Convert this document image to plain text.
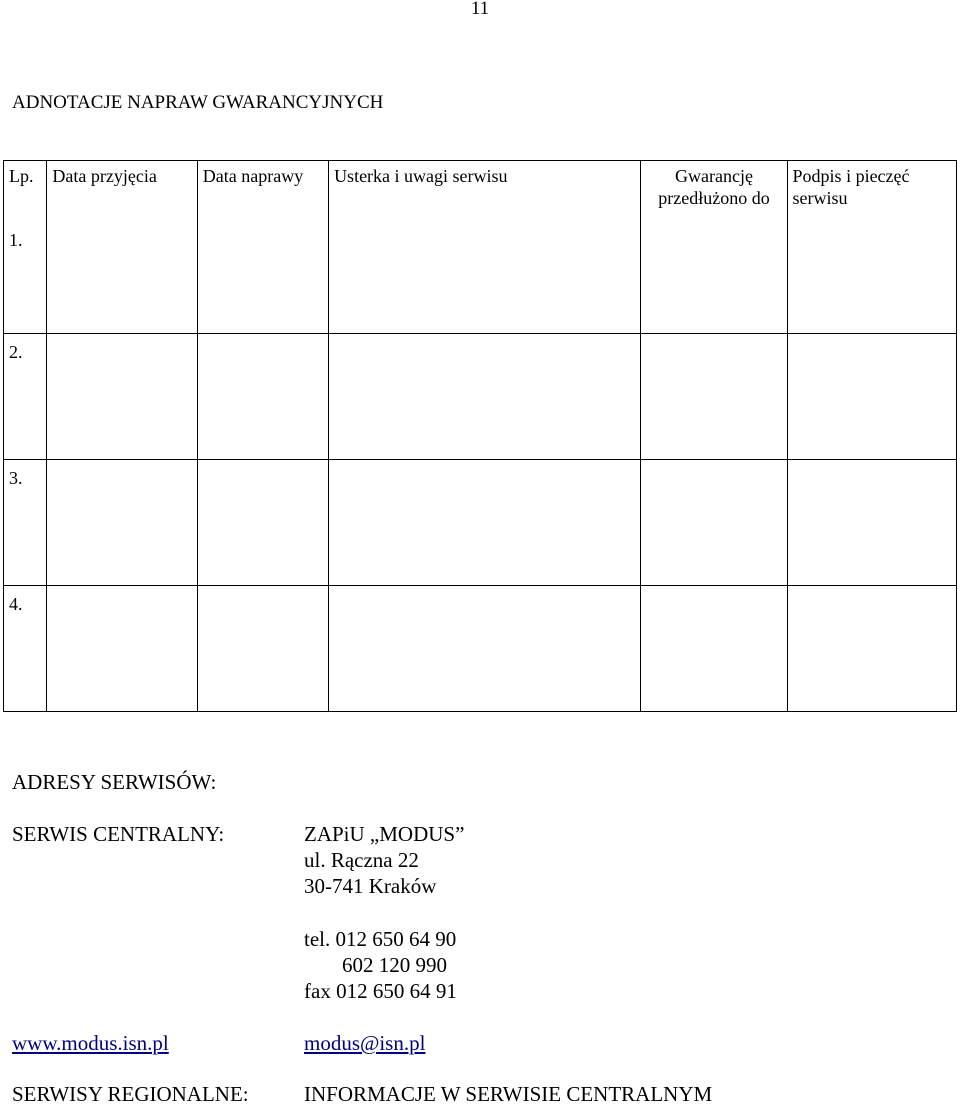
11
ADNOTACJE NAPRAW GWARANCYJNYCH
Lp.	Data przyjęcia	Data naprawy	Usterka i uwagi serwisu	Gwarancję przedłużono do	Podpis i pieczęć serwisu
1.					
2.					
3.					
4.					
ADRESY SERWISÓW:
SERWIS CENTRALNY:	ZAPiU „MODUS”
ul. Rączna 22
30-741 Kraków
tel. 012 650 64 90
602 120 990
fax 012 650 64 91
www.modus.isn.pl	modus@isn.pl
SERWISY REGIONALNE:	INFORMACJE W SERWISIE CENTRALNYM
